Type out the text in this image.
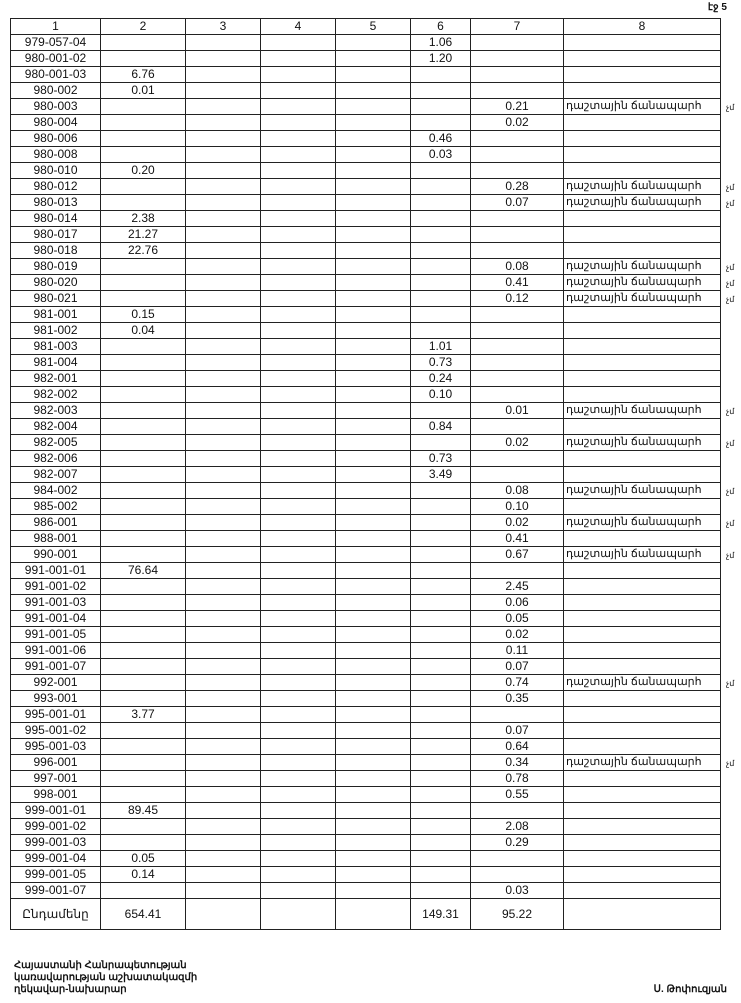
էջ 5
1	2	3	4	5	6	7	8
979-057-04					1.06		

980-001-02					1.20		

980-001-03	6.76						

980-002	0.01						

980-003						0.21	դաշտային ճանապարհ չմ

980-004						0.02	

980-006					0.46		

980-008					0.03		

980-010	0.20						

980-012						0.28	դաշտային ճանապարհ չմ

980-013						0.07	դաշտային ճանապարհ չմ

980-014	2.38						

980-017	21.27						

980-018	22.76						

980-019						0.08	դաշտային ճանապարհ չմ

980-020						0.41	դաշտային ճանապարհ չմ

980-021						0.12	դաշտային ճանապարհ չմ

981-001	0.15						

981-002	0.04						

981-003					1.01		

981-004					0.73		

982-001					0.24		

982-002					0.10		

982-003						0.01	դաշտային ճանապարհ չմ

982-004					0.84		

982-005						0.02	դաշտային ճանապարհ չմ

982-006					0.73		

982-007					3.49		

984-002						0.08	դաշտային ճանապարհ չմ

985-002						0.10	

986-001						0.02	դաշտային ճանապարհ չմ

988-001						0.41	

990-001						0.67	դաշտային ճանապարհ չմ

991-001-01	76.64						

991-001-02						2.45	

991-001-03						0.06	

991-001-04						0.05	

991-001-05						0.02	

991-001-06						0.11	

991-001-07						0.07	

992-001						0.74	դաշտային ճանապարհ չմ

993-001						0.35	

995-001-01	3.77						

995-001-02						0.07	

995-001-03						0.64	

996-001						0.34	դաշտային ճանապարհ չմ

997-001						0.78	

998-001						0.55	

999-001-01	89.45						

999-001-02						2.08	

999-001-03						0.29	

999-001-04	0.05						

999-001-05	0.14						

999-001-07						0.03	

Ընդամենը	654.41				149.31	95.22	
Հայաստանի Հանրապետության
կառավարության աշխատակազմի
ղեկավար-նախարար	Ս. Թոփուզյան
